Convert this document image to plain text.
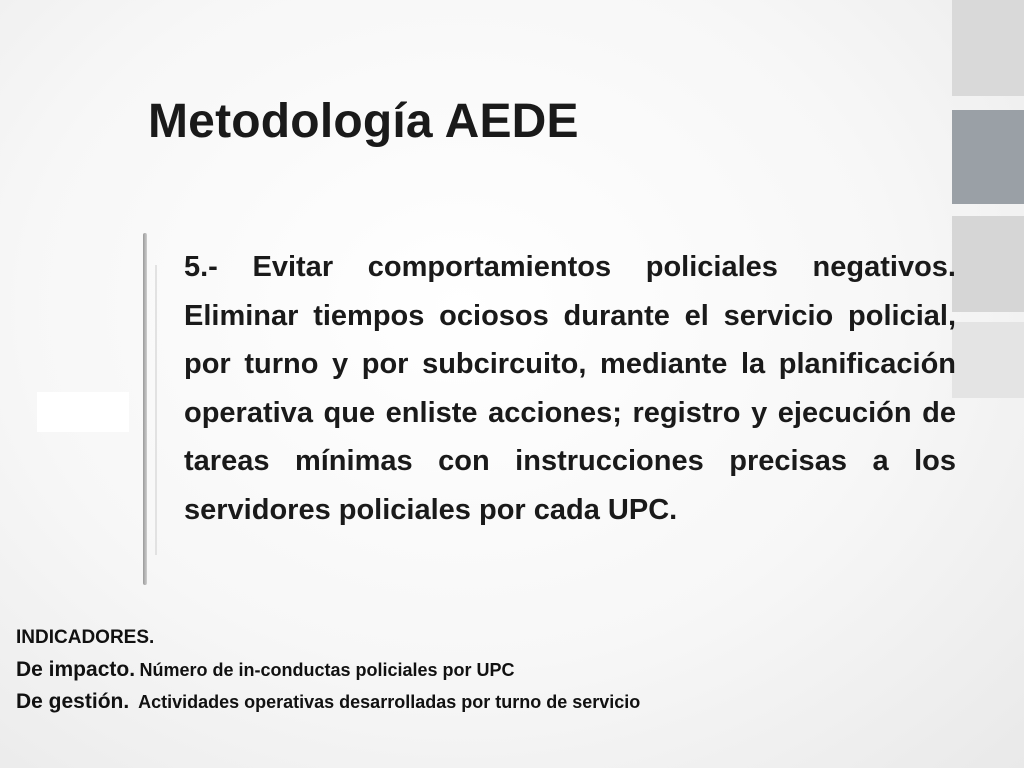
Metodología AEDE

5.- Evitar comportamientos policiales negativos. Eliminar tiempos ociosos durante el servicio policial, por turno y por subcircuito, mediante la planificación operativa que enliste acciones; registro y ejecución de tareas mínimas con instrucciones precisas a los servidores policiales por cada UPC.

INDICADORES.
De impacto. Número de in-conductas policiales por UPC
De gestión. Actividades operativas desarrolladas por turno de servicio
